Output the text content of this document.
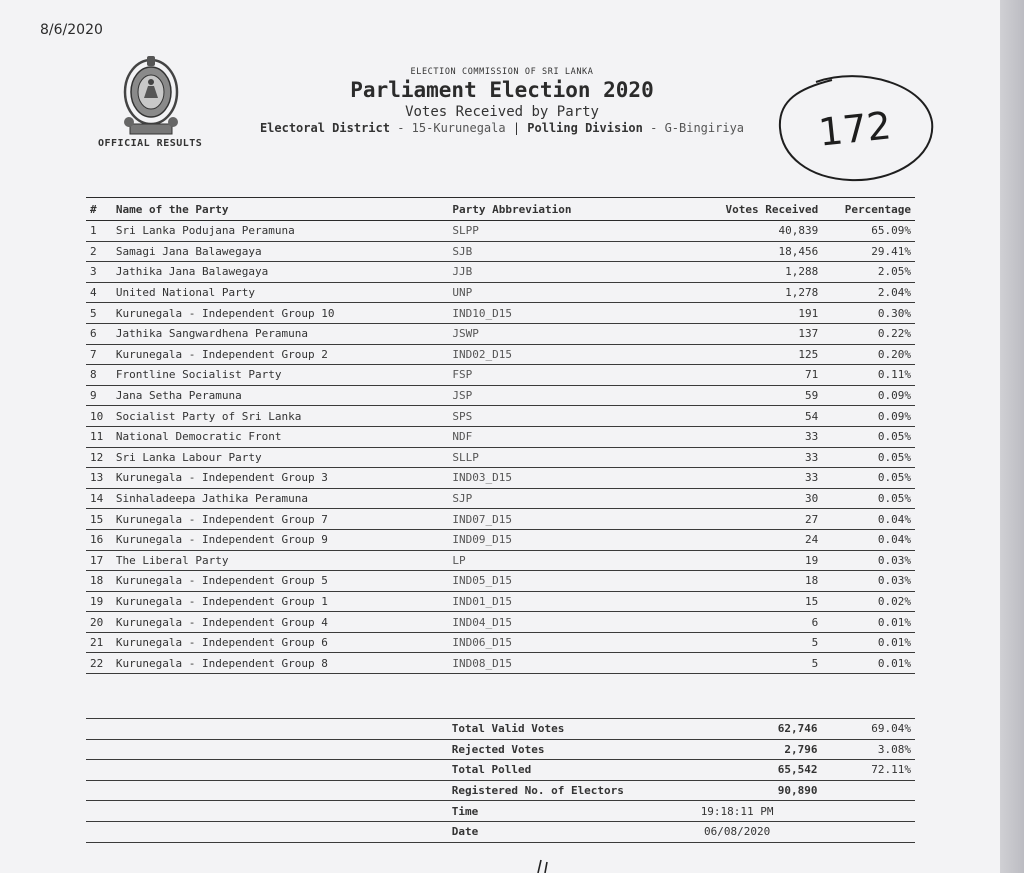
8/6/2020
OFFICIAL RESULTS
ELECTION COMMISSION OF SRI LANKA
Parliament Election 2020
Votes Received by Party
Electoral District - 15-Kurunegala | Polling Division - G-Bingiriya	172
#	Name of the Party	Party Abbreviation	Votes Received	Percentage
1	Sri Lanka Podujana Peramuna	SLPP	40,839	65.09%
2	Samagi Jana Balawegaya	SJB	18,456	29.41%
3	Jathika Jana Balawegaya	JJB	1,288	2.05%
4	United National Party	UNP	1,278	2.04%
5	Kurunegala - Independent Group 10	IND10_D15	191	0.30%
6	Jathika Sangwardhena Peramuna	JSWP	137	0.22%
7	Kurunegala - Independent Group 2	IND02_D15	125	0.20%
8	Frontline Socialist Party	FSP	71	0.11%
9	Jana Setha Peramuna	JSP	59	0.09%
10	Socialist Party of Sri Lanka	SPS	54	0.09%
11	National Democratic Front	NDF	33	0.05%
12	Sri Lanka Labour Party	SLLP	33	0.05%
13	Kurunegala - Independent Group 3	IND03_D15	33	0.05%
14	Sinhaladeepa Jathika Peramuna	SJP	30	0.05%
15	Kurunegala - Independent Group 7	IND07_D15	27	0.04%
16	Kurunegala - Independent Group 9	IND09_D15	24	0.04%
17	The Liberal Party	LP	19	0.03%
18	Kurunegala - Independent Group 5	IND05_D15	18	0.03%
19	Kurunegala - Independent Group 1	IND01_D15	15	0.02%
20	Kurunegala - Independent Group 4	IND04_D15	6	0.01%
21	Kurunegala - Independent Group 6	IND06_D15	5	0.01%
22	Kurunegala - Independent Group 8	IND08_D15	5	0.01%
	Total Valid Votes	62,746	69.04%
	Rejected Votes	2,796	3.08%
	Total Polled	65,542	72.11%
	Registered No. of Electors	90,890	
	Time	19:18:11 PM	
	Date	06/08/2020	
